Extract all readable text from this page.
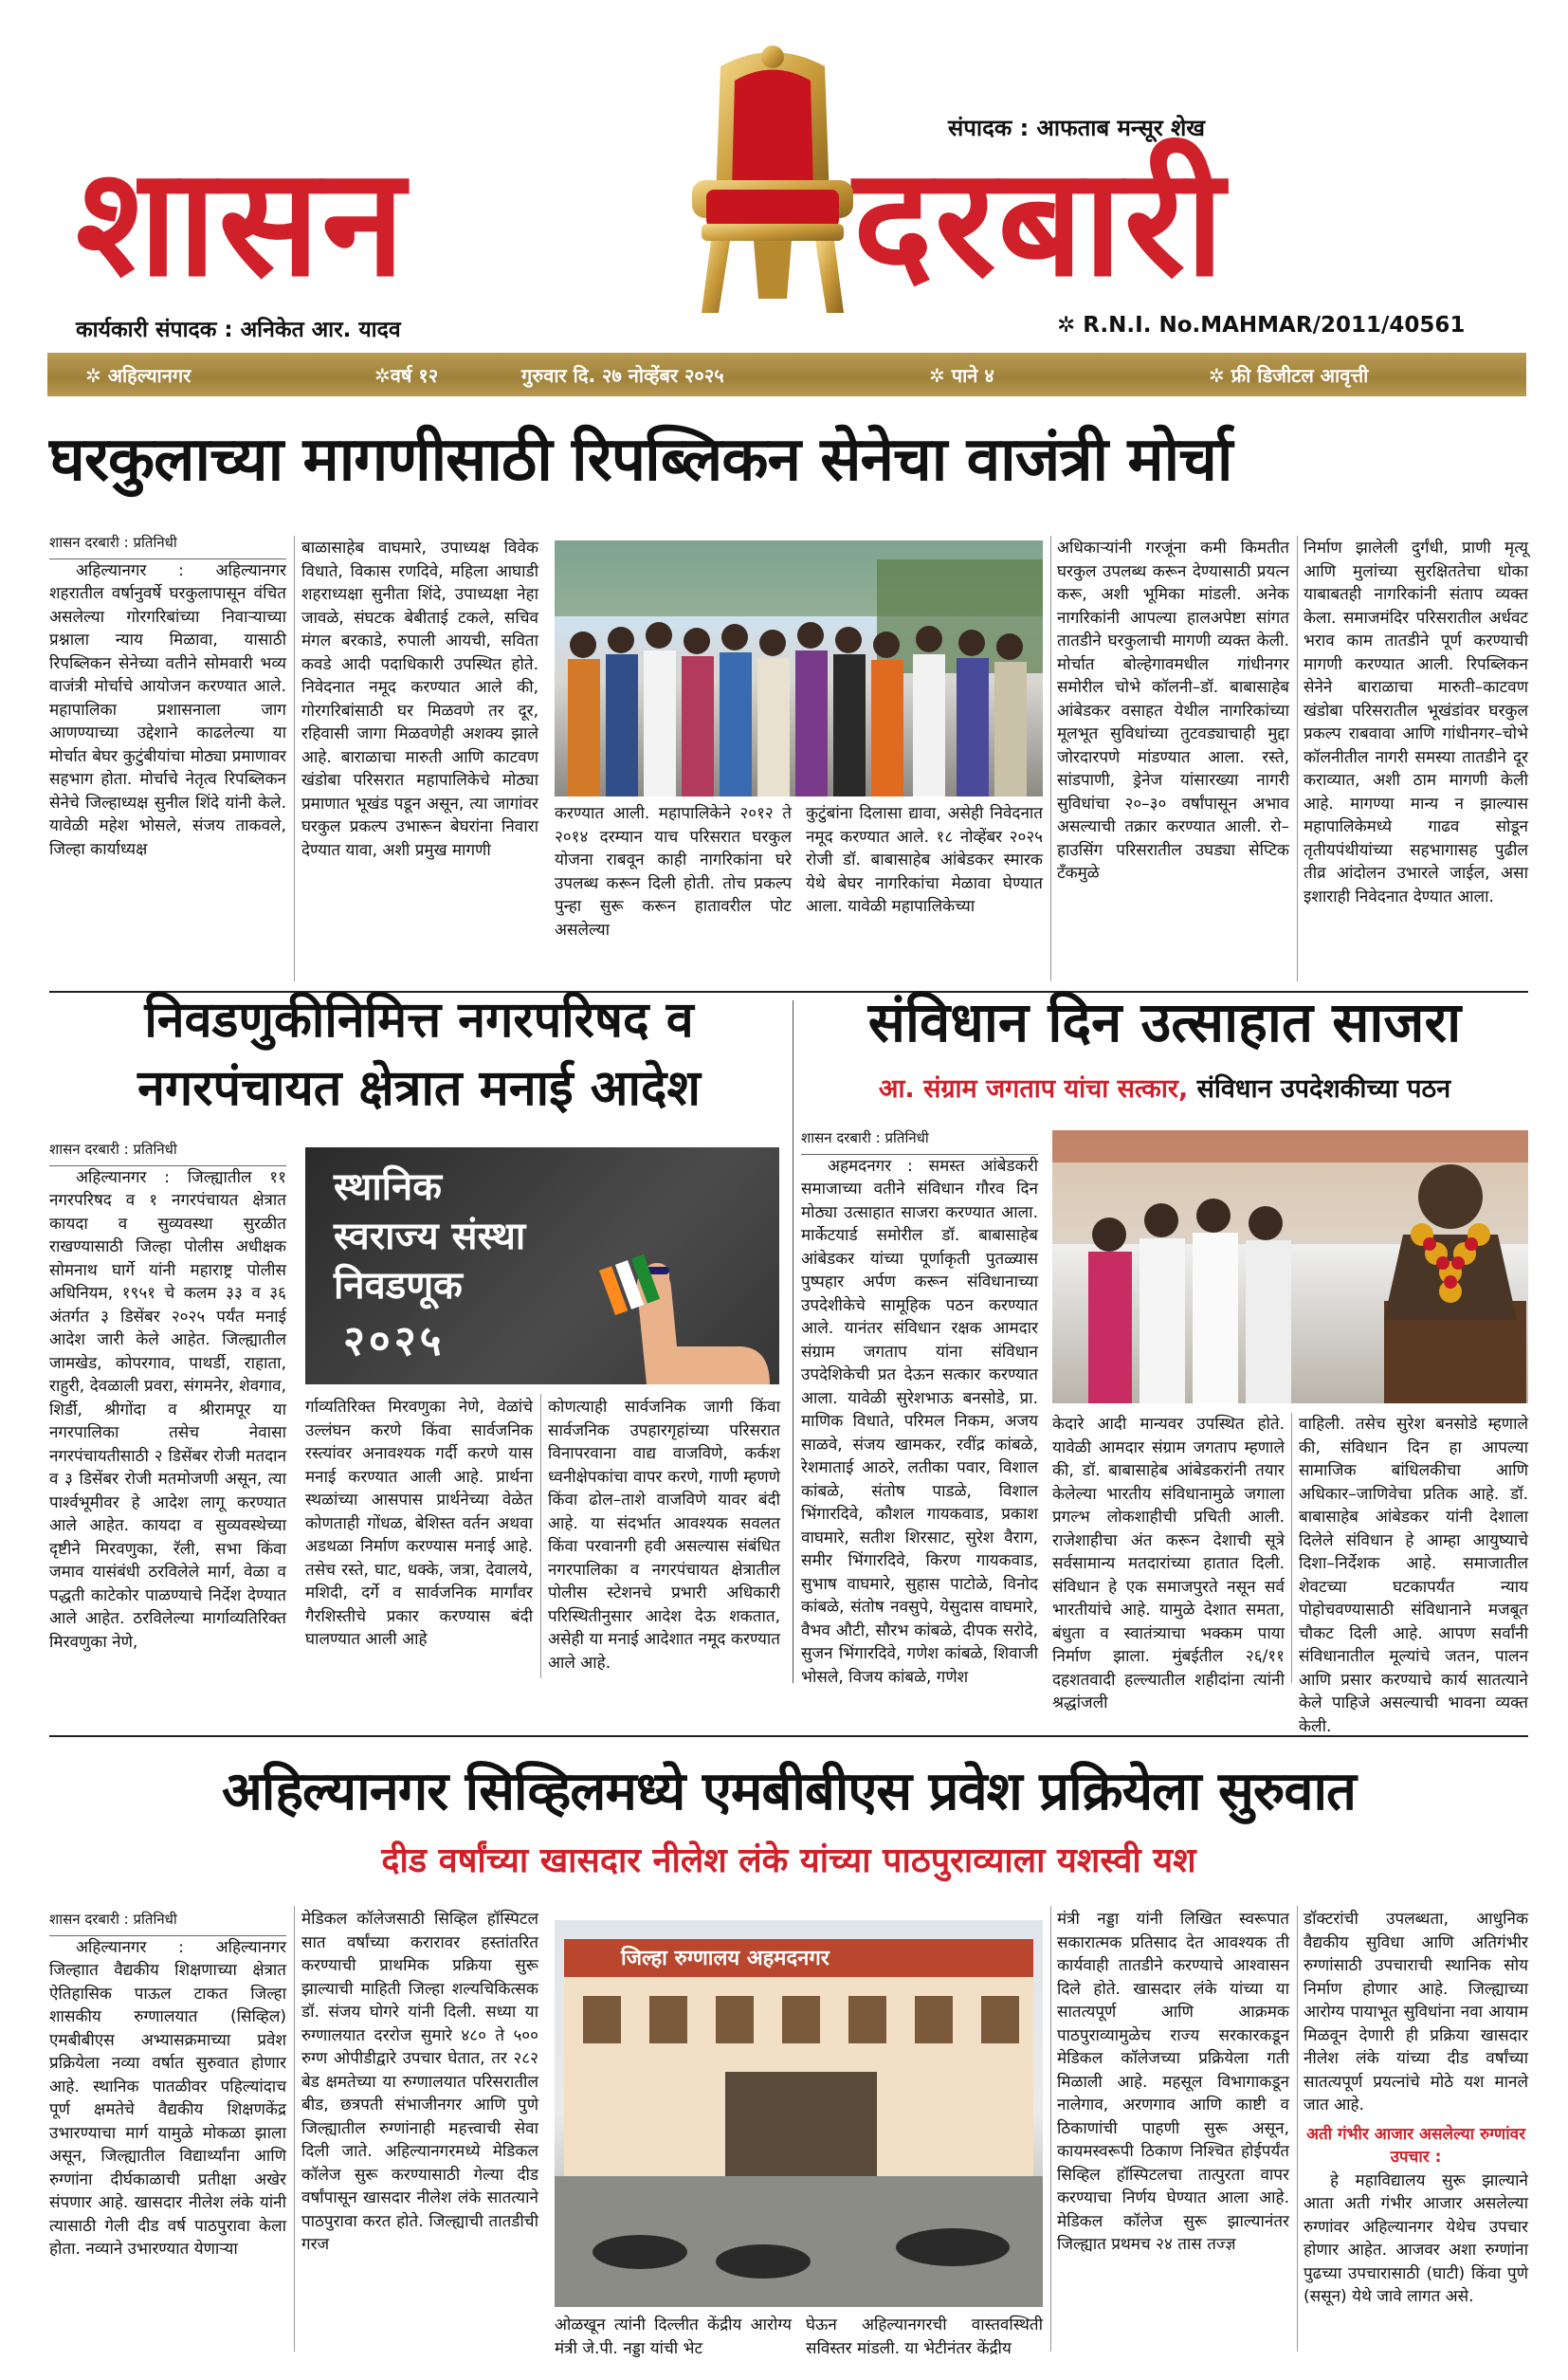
संपादक : आफताब मन्सूर शेख
शासन	दरबारी
कार्यकारी संपादक : अनिकेत आर. यादव	✲ R.N.I. No.MAHMAR/2011/40561
✲ अहिल्यानगर	✲वर्ष १२	गुरुवार दि. २७ नोव्हेंबर २०२५	✲ पाने ४	✲ फ्री डिजीटल आवृत्ती
घरकुलाच्या मागणीसाठी रिपब्लिकन सेनेचा वाजंत्री मोर्चा

शासन दरबारी : प्रतिनिधी

अहिल्यानगर : अहिल्यानगर शहरातील वर्षानुवर्षे घरकुलापासून वंचित असलेल्या गोरगरिबांच्या निवाऱ्याच्या प्रश्नाला न्याय मिळावा, यासाठी रिपब्लिकन सेनेच्या वतीने सोमवारी भव्य वाजंत्री मोर्चाचे आयोजन करण्यात आले. महापालिका प्रशासनाला जाग आणण्याच्या उद्देशाने काढलेल्या या मोर्चात बेघर कुटुंबीयांचा मोठ्या प्रमाणावर सहभाग होता. मोर्चाचे नेतृत्व रिपब्लिकन सेनेचे जिल्हाध्यक्ष सुनील शिंदे यांनी केले. यावेळी महेश भोसले, संजय ताकवले, जिल्हा कार्याध्यक्ष

बाळासाहेब वाघमारे, उपाध्यक्ष विवेक विधाते, विकास रणदिवे, महिला आघाडी शहराध्यक्षा सुनीता शिंदे, उपाध्यक्षा नेहा जावळे, संघटक बेबीताई टकले, सचिव मंगल बरकाडे, रुपाली आयची, सविता कवडे आदी पदाधिकारी उपस्थित होते. निवेदनात नमूद करण्यात आले की, गोरगरिबांसाठी घर मिळवणे तर दूर, रहिवासी जागा मिळवणेही अशक्य झाले आहे. बाराळाचा मारुती आणि काटवण खंडोबा परिसरात महापालिकेचे मोठ्या प्रमाणात भूखंड पडून असून, त्या जागांवर घरकुल प्रकल्प उभारून बेघरांना निवारा देण्यात यावा, अशी प्रमुख मागणी

करण्यात आली. महापालिकेने २०१२ ते २०१४ दरम्यान याच परिसरात घरकुल योजना राबवून काही नागरिकांना घरे उपलब्ध करून दिली होती. तोच प्रकल्प पुन्हा सुरू करून हातावरील पोट असलेल्या

कुटुंबांना दिलासा द्यावा, असेही निवेदनात नमूद करण्यात आले. १८ नोव्हेंबर २०२५ रोजी डॉ. बाबासाहेब आंबेडकर स्मारक येथे बेघर नागरिकांचा मेळावा घेण्यात आला. यावेळी महापालिकेच्या

अधिकाऱ्यांनी गरजूंना कमी किमतीत घरकुल उपलब्ध करून देण्यासाठी प्रयत्न करू, अशी भूमिका मांडली. अनेक नागरिकांनी आपल्या हालअपेष्टा सांगत तातडीने घरकुलाची मागणी व्यक्त केली. मोर्चात बोल्हेगावमधील गांधीनगर समोरील चोभे कॉलनी–डॉ. बाबासाहेब आंबेडकर वसाहत येथील नागरिकांच्या मूलभूत सुविधांच्या तुटवड्याचाही मुद्दा जोरदारपणे मांडण्यात आला. रस्ते, सांडपाणी, ड्रेनेज यांसारख्या नागरी सुविधांचा २०–३० वर्षांपासून अभाव असल्याची तक्रार करण्यात आली. रो–हाउसिंग परिसरातील उघड्या सेप्टिक टँकमुळे

निर्माण झालेली दुर्गंधी, प्राणी मृत्यू आणि मुलांच्या सुरक्षिततेचा धोका याबाबतही नागरिकांनी संताप व्यक्त केला. समाजमंदिर परिसरातील अर्धवट भराव काम तातडीने पूर्ण करण्याची मागणी करण्यात आली. रिपब्लिकन सेनेने बाराळाचा मारुती–काटवण खंडोबा परिसरातील भूखंडांवर घरकुल प्रकल्प राबवावा आणि गांधीनगर–चोभे कॉलनीतील नागरी समस्या तातडीने दूर कराव्यात, अशी ठाम मागणी केली आहे. मागण्या मान्य न झाल्यास महापालिकेमध्ये गाढव सोडून तृतीयपंथीयांच्या सहभागासह पुढील तीव्र आंदोलन उभारले जाईल, असा इशाराही निवेदनात देण्यात आला.

निवडणुकीनिमित्त नगरपरिषद व
नगरपंचायत क्षेत्रात मनाई आदेश

शासन दरबारी : प्रतिनिधी

अहिल्यानगर : जिल्ह्यातील ११ नगरपरिषद व १ नगरपंचायत क्षेत्रात कायदा व सुव्यवस्था सुरळीत राखण्यासाठी जिल्हा पोलीस अधीक्षक सोमनाथ घार्गे यांनी महाराष्ट्र पोलीस अधिनियम, १९५१ चे कलम ३३ व ३६ अंतर्गत ३ डिसेंबर २०२५ पर्यंत मनाई आदेश जारी केले आहेत. जिल्ह्यातील जामखेड, कोपरगाव, पाथर्डी, राहाता, राहुरी, देवळाली प्रवरा, संगमनेर, शेवगाव, शिर्डी, श्रीगोंदा व श्रीरामपूर या नगरपालिका तसेच नेवासा नगरपंचायतीसाठी २ डिसेंबर रोजी मतदान व ३ डिसेंबर रोजी मतमोजणी असून, त्या पार्श्वभूमीवर हे आदेश लागू करण्यात आले आहेत. कायदा व सुव्यवस्थेच्या दृष्टीने मिरवणुका, रॅली, सभा किंवा जमाव यासंबंधी ठरविलेले मार्ग, वेळा व पद्धती काटेकोर पाळण्याचे निर्देश देण्यात आले आहेत. ठरविलेल्या मार्गाव्यतिरिक्त मिरवणुका नेणे,

स्थानिक
स्वराज्य संस्था
निवडणूक
२०२५

र्गाव्यतिरिक्त मिरवणुका नेणे, वेळांचे उल्लंघन करणे किंवा सार्वजनिक रस्त्यांवर अनावश्यक गर्दी करणे यास मनाई करण्यात आली आहे. प्रार्थना स्थळांच्या आसपास प्रार्थनेच्या वेळेत कोणताही गोंधळ, बेशिस्त वर्तन अथवा अडथळा निर्माण करण्यास मनाई आहे. तसेच रस्ते, घाट, धक्के, जत्रा, देवालये, मशिदी, दर्गे व सार्वजनिक मार्गांवर गैरशिस्तीचे प्रकार करण्यास बंदी घालण्यात आली आहे

कोणत्याही सार्वजनिक जागी किंवा सार्वजनिक उपहारगृहांच्या परिसरात विनापरवाना वाद्य वाजविणे, कर्कश ध्वनीक्षेपकांचा वापर करणे, गाणी म्हणणे किंवा ढोल–ताशे वाजविणे यावर बंदी आहे. या संदर्भात आवश्यक सवलत किंवा परवानगी हवी असल्यास संबंधित नगरपालिका व नगरपंचायत क्षेत्रातील पोलीस स्टेशनचे प्रभारी अधिकारी परिस्थितीनुसार आदेश देऊ शकतात, असेही या मनाई आदेशात नमूद करण्यात आले आहे.

संविधान दिन उत्साहात साजरा
आ. संग्राम जगताप यांचा सत्कार, संविधान उपदेशकीच्या पठन

शासन दरबारी : प्रतिनिधी

अहमदनगर : समस्त आंबेडकरी समाजाच्या वतीने संविधान गौरव दिन मोठ्या उत्साहात साजरा करण्यात आला. मार्केटयार्ड समोरील डॉ. बाबासाहेब आंबेडकर यांच्या पूर्णाकृती पुतळ्यास पुष्पहार अर्पण करून संविधानाच्या उपदेशीकेचे सामूहिक पठन करण्यात आले. यानंतर संविधान रक्षक आमदार संग्राम जगताप यांना संविधान उपदेशिकेची प्रत देऊन सत्कार करण्यात आला. यावेळी सुरेशभाऊ बनसोडे, प्रा. माणिक विधाते, परिमल निकम, अजय साळवे, संजय खामकर, रवींद्र कांबळे, रेशमाताई आठरे, लतीका पवार, विशाल कांबळे, संतोष पाडळे, विशाल भिंगारदिवे, कौशल गायकवाड, प्रकाश वाघमारे, सतीश शिरसाट, सुरेश वैराग, समीर भिंगारदिवे, किरण गायकवाड, सुभाष वाघमारे, सुहास पाटोळे, विनोद कांबळे, संतोष नवसुपे, येसुदास वाघमारे, वैभव औटी, सौरभ कांबळे, दीपक सरोदे, सुजन भिंगारदिवे, गणेश कांबळे, शिवाजी भोसले, विजय कांबळे, गणेश

केदारे आदी मान्यवर उपस्थित होते. यावेळी आमदार संग्राम जगताप म्हणाले की, डॉ. बाबासाहेब आंबेडकरांनी तयार केलेल्या भारतीय संविधानामुळे जगाला प्रगल्भ लोकशाहीची प्रचिती आली. राजेशाहीचा अंत करून देशाची सूत्रे सर्वसामान्य मतदारांच्या हातात दिली. संविधान हे एक समाजपुरते नसून सर्व भारतीयांचे आहे. यामुळे देशात समता, बंधुता व स्वातंत्र्याचा भक्कम पाया निर्माण झाला. मुंबईतील २६/११ दहशतवादी हल्ल्यातील शहीदांना त्यांनी श्रद्धांजली

वाहिली. तसेच सुरेश बनसोडे म्हणाले की, संविधान दिन हा आपल्या सामाजिक बांधिलकीचा आणि अधिकार–जाणिवेचा प्रतिक आहे. डॉ. बाबासाहेब आंबेडकर यांनी देशाला दिलेले संविधान हे आम्हा आयुष्याचे दिशा–निर्देशक आहे. समाजातील शेवटच्या घटकापर्यंत न्याय पोहोचवण्यासाठी संविधानाने मजबूत चौकट दिली आहे. आपण सर्वांनी संविधानातील मूल्यांचे जतन, पालन आणि प्रसार करण्याचे कार्य सातत्याने केले पाहिजे असल्याची भावना व्यक्त केली.

अहिल्यानगर सिव्हिलमध्ये एमबीबीएस प्रवेश प्रक्रियेला सुरुवात
दीड वर्षांच्या खासदार नीलेश लंके यांच्या पाठपुराव्याला यशस्वी यश

शासन दरबारी : प्रतिनिधी

अहिल्यानगर : अहिल्यानगर जिल्हाात वैद्यकीय शिक्षणाच्या क्षेत्रात ऐतिहासिक पाऊल टाकत जिल्हा शासकीय रुग्णालयात (सिव्हिल) एमबीबीएस अभ्यासक्रमाच्या प्रवेश प्रक्रियेला नव्या वर्षात सुरुवात होणार आहे. स्थानिक पातळीवर पहिल्यांदाच पूर्ण क्षमतेचे वैद्यकीय शिक्षणकेंद्र उभारण्याचा मार्ग यामुळे मोकळा झाला असून, जिल्ह्यातील विद्यार्थ्यांना आणि रुग्णांना दीर्घकाळाची प्रतीक्षा अखेर संपणार आहे. खासदार नीलेश लंके यांनी त्यासाठी गेली दीड वर्ष पाठपुरावा केला होता. नव्याने उभारण्यात येणाऱ्या

मेडिकल कॉलेजसाठी सिव्हिल हॉस्पिटल सात वर्षांच्या करारावर हस्तांतरित करण्याची प्राथमिक प्रक्रिया सुरू झाल्याची माहिती जिल्हा शल्यचिकित्सक डॉ. संजय घोगरे यांनी दिली. सध्या या रुग्णालयात दररोज सुमारे ४८० ते ५०० रुग्ण ओपीडीद्वारे उपचार घेतात, तर २८२ बेड क्षमतेच्या या रुग्णालयात परिसरातील बीड, छत्रपती संभाजीनगर आणि पुणे जिल्ह्यातील रुग्णांनाही महत्त्वाची सेवा दिली जाते. अहिल्यानगरमध्ये मेडिकल कॉलेज सुरू करण्यासाठी गेल्या दीड वर्षांपासून खासदार नीलेश लंके सातत्याने पाठपुरावा करत होते. जिल्ह्याची तातडीची गरज

जिल्हा रुग्णालय अहमदनगर

ओळखून त्यांनी दिल्लीत केंद्रीय आरोग्य मंत्री जे.पी. नड्डा यांची भेट

घेऊन अहिल्यानगरची वास्तवस्थिती सविस्तर मांडली. या भेटीनंतर केंद्रीय

मंत्री नड्डा यांनी लिखित स्वरूपात सकारात्मक प्रतिसाद देत आवश्यक ती कार्यवाही तातडीने करण्याचे आश्वासन दिले होते. खासदार लंके यांच्या या सातत्यपूर्ण आणि आक्रमक पाठपुराव्यामुळेच राज्य सरकारकडून मेडिकल कॉलेजच्या प्रक्रियेला गती मिळाली आहे. महसूल विभागाकडून नालेगाव, अरणगाव आणि काष्टी व ठिकाणांची पाहणी सुरू असून, कायमस्वरूपी ठिकाण निश्चित होईपर्यंत सिव्हिल हॉस्पिटलचा तात्पुरता वापर करण्याचा निर्णय घेण्यात आला आहे. मेडिकल कॉलेज सुरू झाल्यानंतर जिल्ह्यात प्रथमच २४ तास तज्ज्ञ

डॉक्टरांची उपलब्धता, आधुनिक वैद्यकीय सुविधा आणि अतिगंभीर रुग्णांसाठी उपचाराची स्थानिक सोय निर्माण होणार आहे. जिल्ह्याच्या आरोग्य पायाभूत सुविधांना नवा आयाम मिळवून देणारी ही प्रक्रिया खासदार नीलेश लंके यांच्या दीड वर्षांच्या सातत्यपूर्ण प्रयत्नांचे मोठे यश मानले जात आहे.

अती गंभीर आजार असलेल्या रुग्णांवर उपचार :

हे महाविद्यालय सुरू झाल्याने आता अती गंभीर आजार असलेल्या रुग्णांवर अहिल्यानगर येथेच उपचार होणार आहेत. आजवर अशा रुग्णांना पुढच्या उपचारासाठी (घाटी) किंवा पुणे (ससून) येथे जावे लागत असे.
